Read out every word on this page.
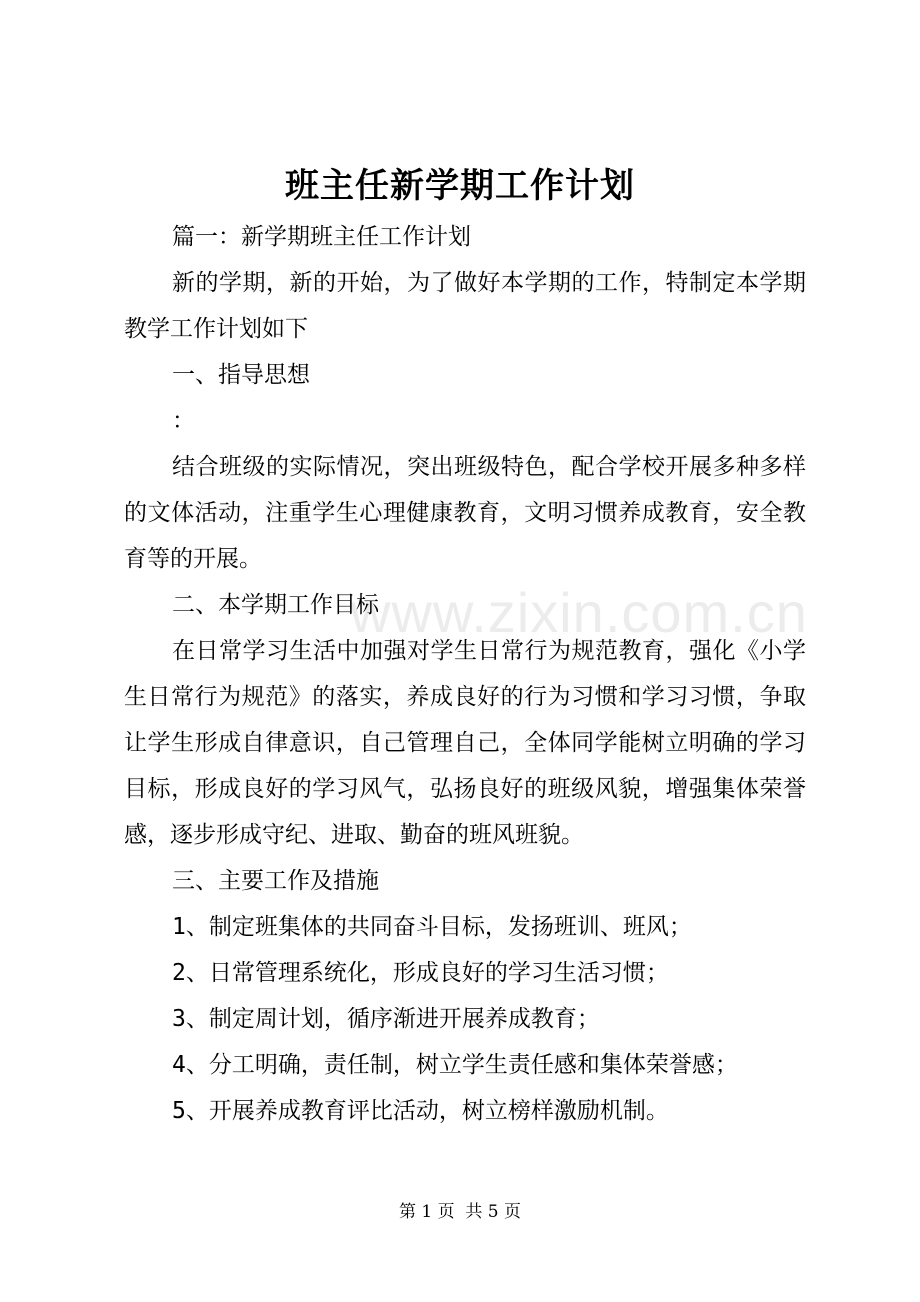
班主任新学期工作计划
www.zixin.com.cn

篇一：新学期班主任工作计划

新的学期，新的开始，为了做好本学期的工作，特制定本学期教学工作计划如下

一、指导思想

：

结合班级的实际情况，突出班级特色，配合学校开展多种多样的文体活动，注重学生心理健康教育，文明习惯养成教育，安全教育等的开展。

二、本学期工作目标

在日常学习生活中加强对学生日常行为规范教育，强化《小学生日常行为规范》的落实，养成良好的行为习惯和学习习惯，争取让学生形成自律意识，自己管理自己，全体同学能树立明确的学习目标，形成良好的学习风气，弘扬良好的班级风貌，增强集体荣誉感，逐步形成守纪、进取、勤奋的班风班貌。

三、主要工作及措施

1、制定班集体的共同奋斗目标，发扬班训、班风；

2、日常管理系统化，形成良好的学习生活习惯；

3、制定周计划，循序渐进开展养成教育；

4、分工明确，责任制，树立学生责任感和集体荣誉感；

5、开展养成教育评比活动，树立榜样激励机制。

第 1 页 共 5 页
